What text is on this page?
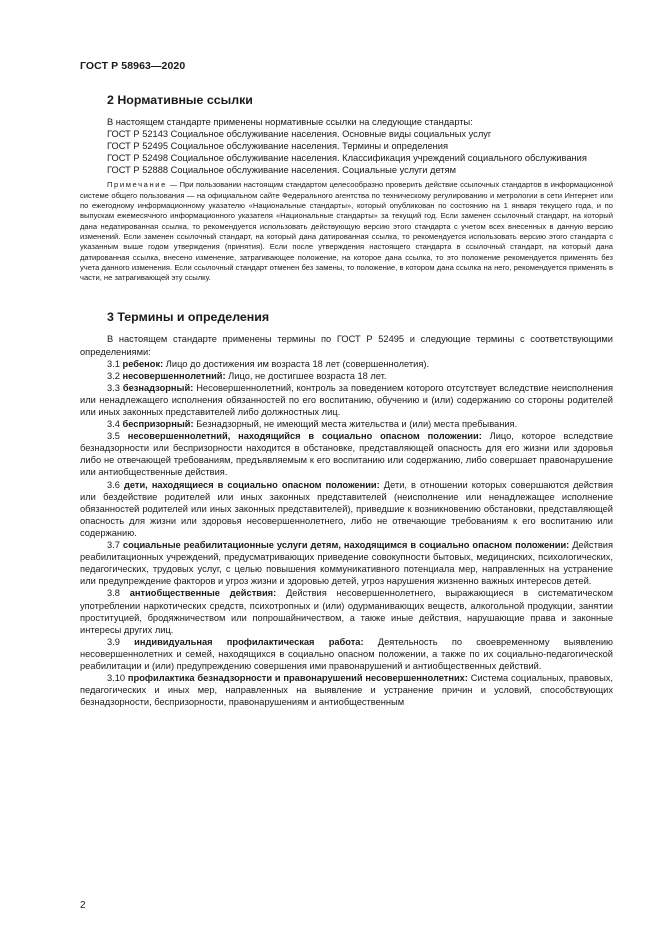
ГОСТ Р 58963—2020
2 Нормативные ссылки

В настоящем стандарте применены нормативные ссылки на следующие стандарты:

ГОСТ Р 52143 Социальное обслуживание населения. Основные виды социальных услуг

ГОСТ Р 52495 Социальное обслуживание населения. Термины и определения

ГОСТ Р 52498 Социальное обслуживание населения. Классификация учреждений социального обслуживания

ГОСТ Р 52888 Социальное обслуживание населения. Социальные услуги детям

Примечание — При пользовании настоящим стандартом целесообразно проверить действие ссылочных стандартов в информационной системе общего пользования — на официальном сайте Федерального агентства по техническому регулированию и метрологии в сети Интернет или по ежегодному информационному указателю «Национальные стандарты», который опубликован по состоянию на 1 января текущего года, и по выпускам ежемесячного информационного указателя «Национальные стандарты» за текущий год. Если заменен ссылочный стандарт, на который дана недатированная ссылка, то рекомендуется использовать действующую версию этого стандарта с учетом всех внесенных в данную версию изменений. Если заменен ссылочный стандарт, на который дана датированная ссылка, то рекомендуется использовать версию этого стандарта с указанным выше годом утверждения (принятия). Если после утверждения настоящего стандарта в ссылочный стандарт, на который дана датированная ссылка, внесено изменение, затрагивающее положение, на которое дана ссылка, то это положение рекомендуется применять без учета данного изменения. Если ссылочный стандарт отменен без замены, то положение, в котором дана ссылка на него, рекомендуется применять в части, не затрагивающей эту ссылку.

3 Термины и определения

В настоящем стандарте применены термины по ГОСТ Р 52495 и следующие термины с соответствующими определениями:

3.1 ребенок: Лицо до достижения им возраста 18 лет (совершеннолетия).

3.2 несовершеннолетний: Лицо, не достигшее возраста 18 лет.

3.3 безнадзорный: Несовершеннолетний, контроль за поведением которого отсутствует вследствие неисполнения или ненадлежащего исполнения обязанностей по его воспитанию, обучению и (или) содержанию со стороны родителей или иных законных представителей либо должностных лиц.

3.4 беспризорный: Безнадзорный, не имеющий места жительства и (или) места пребывания.

3.5 несовершеннолетний, находящийся в социально опасном положении: Лицо, которое вследствие безнадзорности или беспризорности находится в обстановке, представляющей опасность для его жизни или здоровья либо не отвечающей требованиям, предъявляемым к его воспитанию или содержанию, либо совершает правонарушение или антиобщественные действия.

3.6 дети, находящиеся в социально опасном положении: Дети, в отношении которых совершаются действия или бездействие родителей или иных законных представителей (неисполнение или ненадлежащее исполнение обязанностей родителей или иных законных представителей), приведшие к возникновению обстановки, представляющей опасность для жизни или здоровья несовершеннолетнего, либо не отвечающие требованиям к его воспитанию или содержанию.

3.7 социальные реабилитационные услуги детям, находящимся в социально опасном положении: Действия реабилитационных учреждений, предусматривающих приведение совокупности бытовых, медицинских, психологических, педагогических, трудовых услуг, с целью повышения коммуникативного потенциала мер, направленных на устранение или предупреждение факторов и угроз жизни и здоровью детей, угроз нарушения жизненно важных интересов детей.

3.8 антиобщественные действия: Действия несовершеннолетнего, выражающиеся в систематическом употреблении наркотических средств, психотропных и (или) одурманивающих веществ, алкогольной продукции, занятии проституцией, бродяжничеством или попрошайничеством, а также иные действия, нарушающие права и законные интересы других лиц.

3.9 индивидуальная профилактическая работа: Деятельность по своевременному выявлению несовершеннолетних и семей, находящихся в социально опасном положении, а также по их социально-педагогической реабилитации и (или) предупреждению совершения ими правонарушений и антиобщественных действий.

3.10 профилактика безнадзорности и правонарушений несовершеннолетних: Система социальных, правовых, педагогических и иных мер, направленных на выявление и устранение причин и условий, способствующих безнадзорности, беспризорности, правонарушениям и антиобщественным

2
